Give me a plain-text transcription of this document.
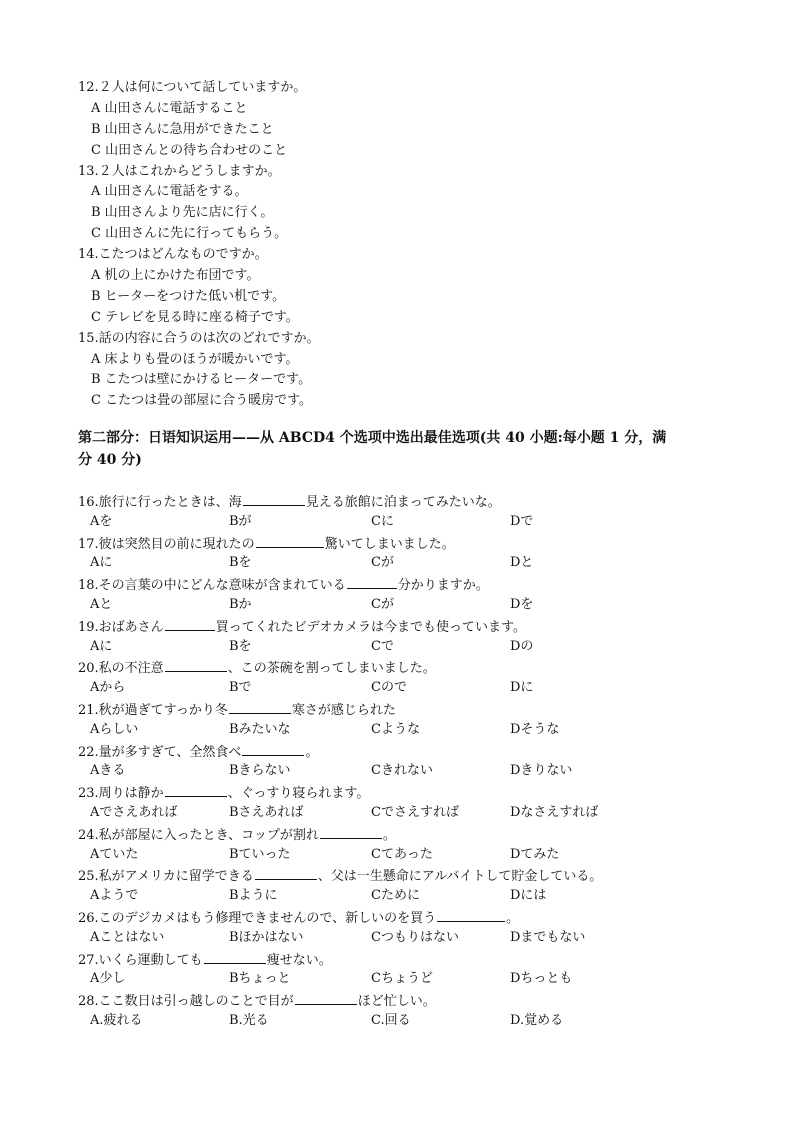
12.２人は何について話していますか。
A 山田さんに電話すること
B 山田さんに急用ができたこと
C 山田さんとの待ち合わせのこと
13.２人はこれからどうしますか。
A 山田さんに電話をする。
B 山田さんより先に店に行く。
C 山田さんに先に行ってもらう。
14.こたつはどんなものですか。
A 机の上にかけた布団です。
B ヒーターをつけた低い机です。
C テレビを見る時に座る椅子です。
15.話の内容に合うのは次のどれですか。
A 床よりも畳のほうが暖かいです。
B こたつは壁にかけるヒーターです。
C こたつは畳の部屋に合う暖房です。
第二部分：日语知识运用——从 ABCD4 个选项中选出最佳选项(共 40 小题:每小题 1 分，满
分 40 分)
16.旅行に行ったときは、海	見える旅館に泊まってみたいな。
Aを	Bが	Cに	Dで
17.彼は突然目の前に現れたの	驚いてしまいました。
Aに	Bを	Cが	Dと
18.その言葉の中にどんな意味が含まれている	分かりますか。
Aと	Bか	Cが	Dを
19.おばあさん	買ってくれたビデオカメラは今までも使っています。
Aに	Bを	Cで	Dの
20.私の不注意	、この茶碗を割ってしまいました。
Aから	Bで	Cので	Dに
21.秋が過ぎてすっかり冬	寒さが感じられた
Aらしい	Bみたいな	Cような	Dそうな
22.量が多すぎて、全然食べ	。
Aきる	Bきらない	Cきれない	Dきりない
23.周りは静か	、ぐっすり寝られます。
Aでさえあれば	Bさえあれば	Cでさえすれば	Dなさえすれば
24.私が部屋に入ったとき、コップが割れ	。
Aていた	Bていった	Cてあった	Dてみた
25.私がアメリカに留学できる	、父は一生懸命にアルバイトして貯金している。
Aようで	Bように	Cために	Dには
26.このデジカメはもう修理できませんので、新しいのを買う	。
Aことはない	Bほかはない	Cつもりはない	Dまでもない
27.いくら運動しても	痩せない。
A少し	Bちょっと	Cちょうど	Dちっとも
28.ここ数日は引っ越しのことで目が	ほど忙しい。
A.疲れる	B.光る	C.回る	D.覚める
